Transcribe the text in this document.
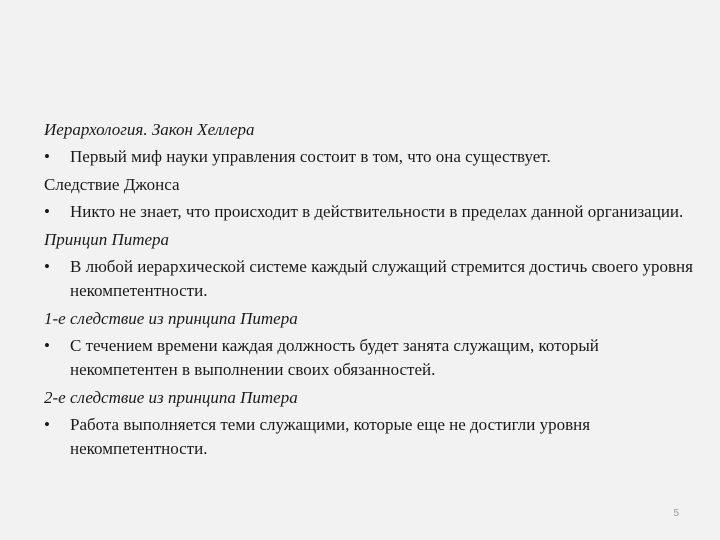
Иерархология. Закон Хеллера
• Первый миф науки управления состоит в том, что она существует.
Следствие Джонса
• Никто не знает, что происходит в действительности в пределах данной организации.
Принцип Питера
• В любой иерархической системе каждый служащий стремится достичь своего уровня некомпетентности.
1-е следствие из принципа Питера
• С течением времени каждая должность будет занята служащим, который некомпетентен в выполнении своих обязанностей.
2-е следствие из принципа Питера
• Работа выполняется теми служащими, которые еще не достигли уровня некомпетентности.
5
